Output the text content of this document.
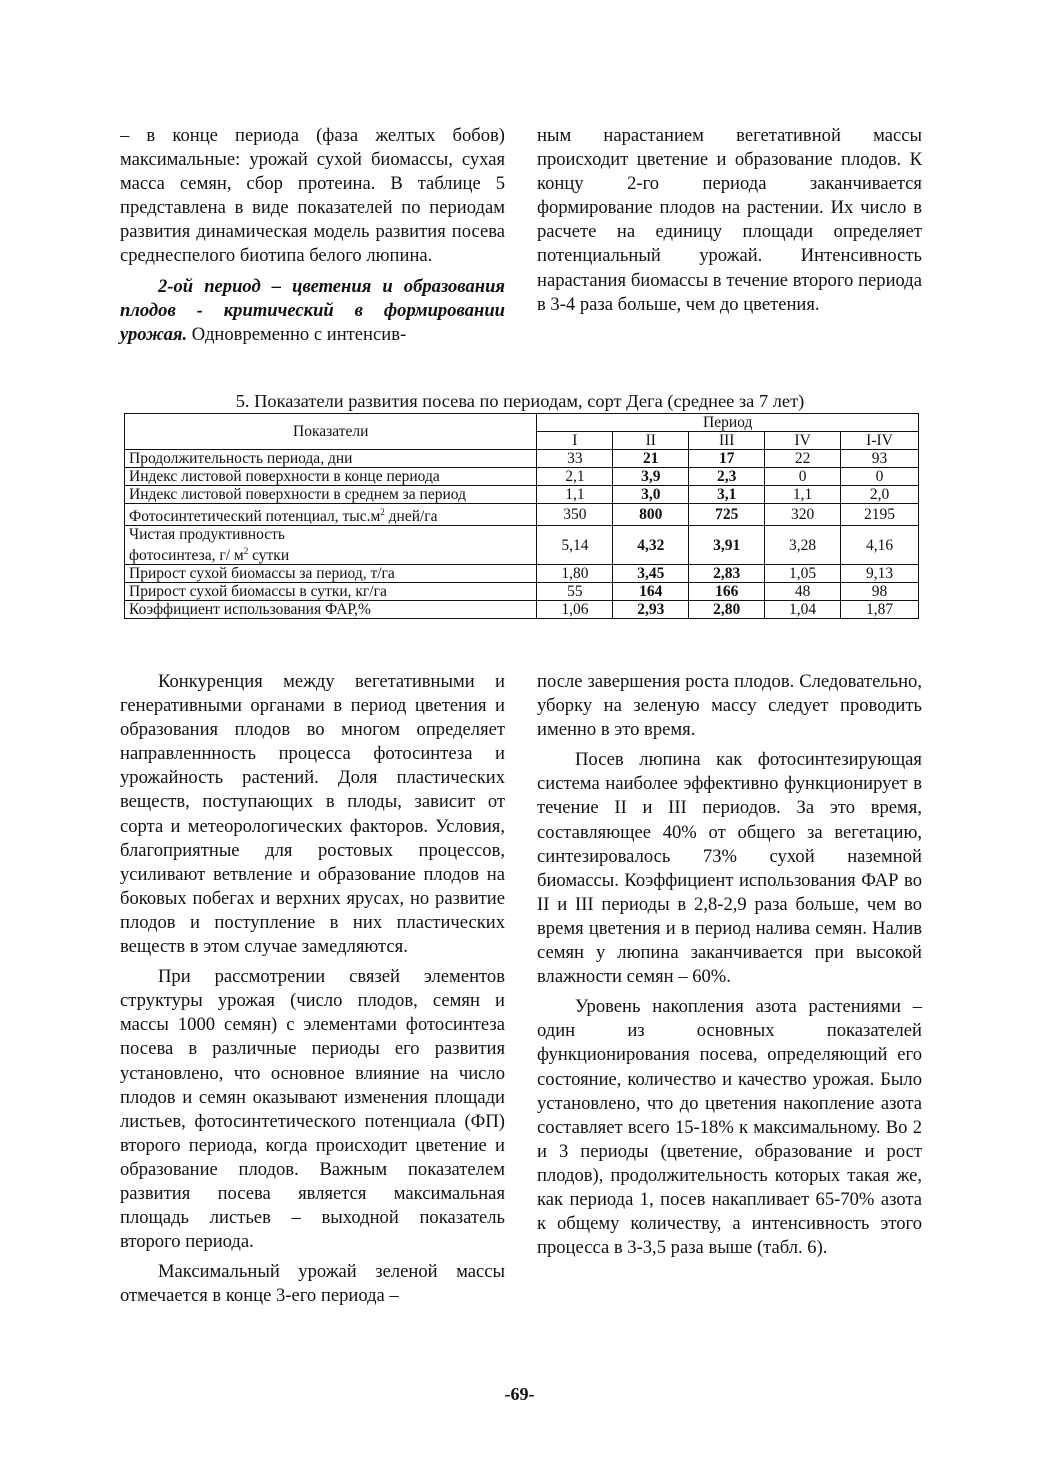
– в конце периода (фаза желтых бобов) максимальные: урожай сухой биомассы, сухая масса семян, сбор протеина. В таблице 5 представлена в виде показателей по периодам развития динамическая модель развития посева среднеспелого биотипа белого люпина.

2-ой период – цветения и образования плодов - критический в формировании урожая. Одновременно с интенсив-

ным нарастанием вегетативной массы происходит цветение и образование плодов. К концу 2-го периода заканчивается формирование плодов на растении. Их число в расчете на единицу площади определяет потенциальный урожай. Интенсивность нарастания биомассы в течение второго периода в 3-4 раза больше, чем до цветения.

5. Показатели развития посева по периодам, сорт Дега (среднее за 7 лет)
Показатели	Период				
	I	II	III	IV	I-IV
Продолжительность периода, дни	33	21	17	22	93
Индекс листовой поверхности в конце периода	2,1	3,9	2,3	0	0
Индекс листовой поверхности в среднем за период	1,1	3,0	3,1	1,1	2,0
Фотосинтетический потенциал, $тыс.м^2$ дней/га	350	800	725	320	2195
Чистая продуктивность
фотосинтеза, г/ $м^2$ сутки	5,14	4,32	3,91	3,28	4,16
Прирост сухой биомассы за период, т/га	1,80	3,45	2,83	1,05	9,13
Прирост сухой биомассы в сутки, кг/га	55	164	166	48	98
Коэффициент использования ФАР,%	1,06	2,93	2,80	1,04	1,87

Конкуренция между вегетативными и генеративными органами в период цветения и образования плодов во многом определяет направленнность процесса фотосинтеза и урожайность растений. Доля пластических веществ, поступающих в плоды, зависит от сорта и метеорологических факторов. Условия, благоприятные для ростовых процессов, усиливают ветвление и образование плодов на боковых побегах и верхних ярусах, но развитие плодов и поступление в них пластических веществ в этом случае замедляются.

При рассмотрении связей элементов структуры урожая (число плодов, семян и массы 1000 семян) с элементами фотосинтеза посева в различные периоды его развития установлено, что основное влияние на число плодов и семян оказывают изменения площади листьев, фотосинтетического потенциала (ФП) второго периода, когда происходит цветение и образование плодов. Важным показателем развития посева является максимальная площадь листьев – выходной показатель второго периода.

Максимальный урожай зеленой массы отмечается в конце 3-его периода –

после завершения роста плодов. Следовательно, уборку на зеленую массу следует проводить именно в это время.

Посев люпина как фотосинтезирующая система наиболее эффективно функционирует в течение II и III периодов. За это время, составляющее 40% от общего за вегетацию, синтезировалось 73% сухой наземной биомассы. Коэффициент использования ФАР во II и III периоды в 2,8-2,9 раза больше, чем во время цветения и в период налива семян. Налив семян у люпина заканчивается при высокой влажности семян – 60%.

Уровень накопления азота растениями – один из основных показателей функционирования посева, определяющий его состояние, количество и качество урожая. Было установлено, что до цветения накопление азота составляет всего 15-18% к максимальному. Во 2 и 3 периоды (цветение, образование и рост плодов), продолжительность которых такая же, как периода 1, посев накапливает 65-70% азота к общему количеству, а интенсивность этого процесса в 3-3,5 раза выше (табл. 6).

-69-
